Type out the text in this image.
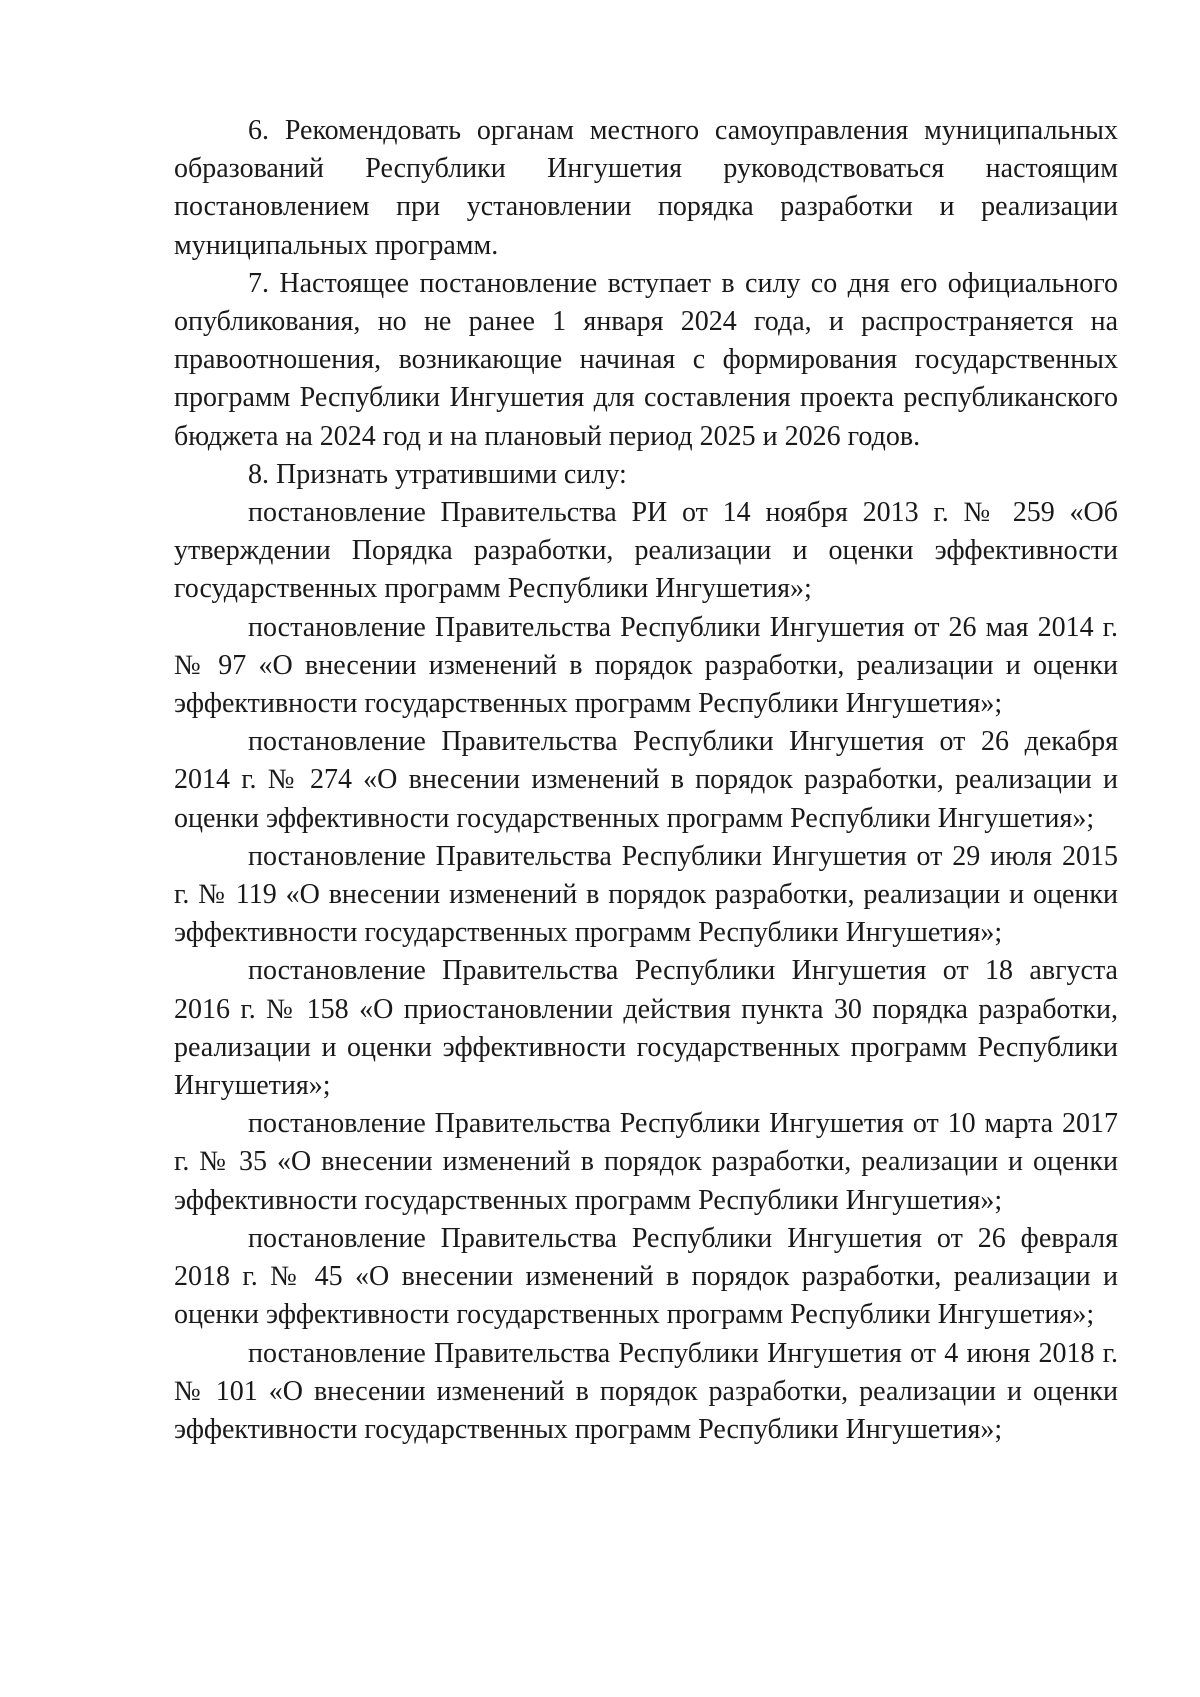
6. Рекомендовать органам местного самоуправления муниципальных образований Республики Ингушетия руководствоваться настоящим постановлением при установлении порядка разработки и реализации муниципальных программ.

7. Настоящее постановление вступает в силу со дня его официального опубликования, но не ранее 1 января 2024 года, и распространяется на правоотношения, возникающие начиная с формирования государственных программ Республики Ингушетия для составления проекта республиканского бюджета на 2024 год и на плановый период 2025 и 2026 годов.

8. Признать утратившими силу:

постановление Правительства РИ от 14 ноября 2013 г. № 259 «Об утверждении Порядка разработки, реализации и оценки эффективности государственных программ Республики Ингушетия»;

постановление Правительства Республики Ингушетия от 26 мая 2014 г. № 97 «О внесении изменений в порядок разработки, реализации и оценки эффективности государственных программ Республики Ингушетия»;

постановление Правительства Республики Ингушетия от 26 декабря 2014 г. № 274 «О внесении изменений в порядок разработки, реализации и оценки эффективности государственных программ Республики Ингушетия»;

постановление Правительства Республики Ингушетия от 29 июля 2015 г. № 119 «О внесении изменений в порядок разработки, реализации и оценки эффективности государственных программ Республики Ингушетия»;

постановление Правительства Республики Ингушетия от 18 августа 2016 г. № 158 «О приостановлении действия пункта 30 порядка разработки, реализации и оценки эффективности государственных программ Республики Ингушетия»;

постановление Правительства Республики Ингушетия от 10 марта 2017 г. № 35 «О внесении изменений в порядок разработки, реализации и оценки эффективности государственных программ Республики Ингушетия»;

постановление Правительства Республики Ингушетия от 26 февраля 2018 г. № 45 «О внесении изменений в порядок разработки, реализации и оценки эффективности государственных программ Республики Ингушетия»;

постановление Правительства Республики Ингушетия от 4 июня 2018 г. № 101 «О внесении изменений в порядок разработки, реализации и оценки эффективности государственных программ Республики Ингушетия»;
